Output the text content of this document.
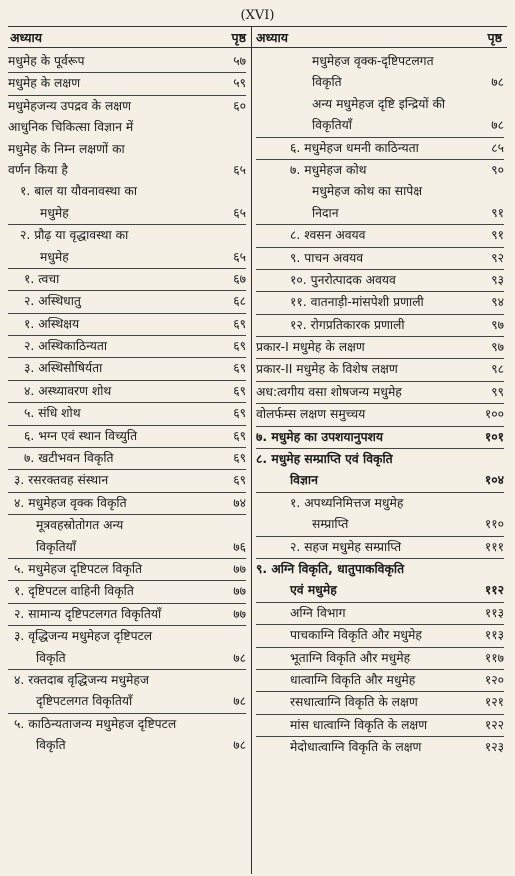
(XVI)
अध्याय	पृष्ठ अध्याय	पृष्ठ
मधुमेह के पूर्वरूप	५७
मधुमेह के लक्षण	५९
मधुमेहजन्य उपद्रव के लक्षण	६०
आधुनिक चिकित्सा विज्ञान में
मधुमेह के निम्न लक्षणों का
वर्णन किया है	६५
१. बाल या यौवनावस्था का
मधुमेह	६५
२. प्रौढ़ या वृद्धावस्था का
मधुमेह	६५
१. त्वचा	६७
२. अस्थिधातु	६८
१. अस्थिक्षय	६९
२. अस्थिकाठिन्यता	६९
३. अस्थिसौषिर्यता	६९
४. अस्थ्यावरण शोथ	६९
५. संधि शोथ	६९
६. भग्न एवं स्थान विच्युति	६९
७. खटीभवन विकृति	६९
३. रसरक्तवह संस्थान	६९
४. मधुमेहज वृक्क विकृति	७४
मूत्रवहस्रोतोगत अन्य
विकृतियाँ	७६
५. मधुमेहज दृष्टिपटल विकृति	७७
१. दृष्टिपटल वाहिनी विकृति	७७
२. सामान्य दृष्टिपटलगत विकृतियाँ	७७
३. वृद्धिजन्य मधुमेहज दृष्टिपटल
विकृति	७८
४. रक्तदाब वृद्धिजन्य मधुमेहज
दृष्टिपटलगत विकृतियाँ	७८
५. काठिन्यताजन्य मधुमेहज दृष्टिपटल
विकृति	७८
मधुमेहज वृक्क-दृष्टिपटलगत
विकृति	७८
अन्य मधुमेहज दृष्टि इन्द्रियों की
विकृतियाँ	७८
६. मधुमेहज धमनी काठिन्यता	८५
७. मधुमेहज कोथ	९०
मधुमेहज कोथ का सापेक्ष
निदान	९१
८. श्वसन अवयव	९१
९. पाचन अवयव	९२
१०. पुनरोत्पादक अवयव	९३
११. वातनाड़ी-मांसपेशी प्रणाली	९४
१२. रोगप्रतिकारक प्रणाली	९७
प्रकार-I मधुमेह के लक्षण	९७
प्रकार-II मधुमेह के विशेष लक्षण	९८
अध:त्वगीय वसा शोषजन्य मधुमेह	९९
वोलर्फम्स लक्षण समुच्चय	१००
७. मधुमेह का उपशयानुपशय	१०१
८. मधुमेह सम्प्राप्ति एवं विकृति
विज्ञान	१०४
१. अपथ्यनिमित्तज मधुमेह
सम्प्राप्ति	११०
२. सहज मधुमेह सम्प्राप्ति	१११
९. अग्नि विकृति, धातुपाकविकृति
एवं मधुमेह	११२
अग्नि विभाग	११३
पाचकाग्नि विकृति और मधुमेह	११३
भूताग्नि विकृति और मधुमेह	११७
धात्वाग्नि विकृति और मधुमेह	१२०
रसधात्वाग्नि विकृति के लक्षण	१२१
मांस धात्वाग्नि विकृति के लक्षण	१२२
मेदोधात्वाग्नि विकृति के लक्षण	१२३
